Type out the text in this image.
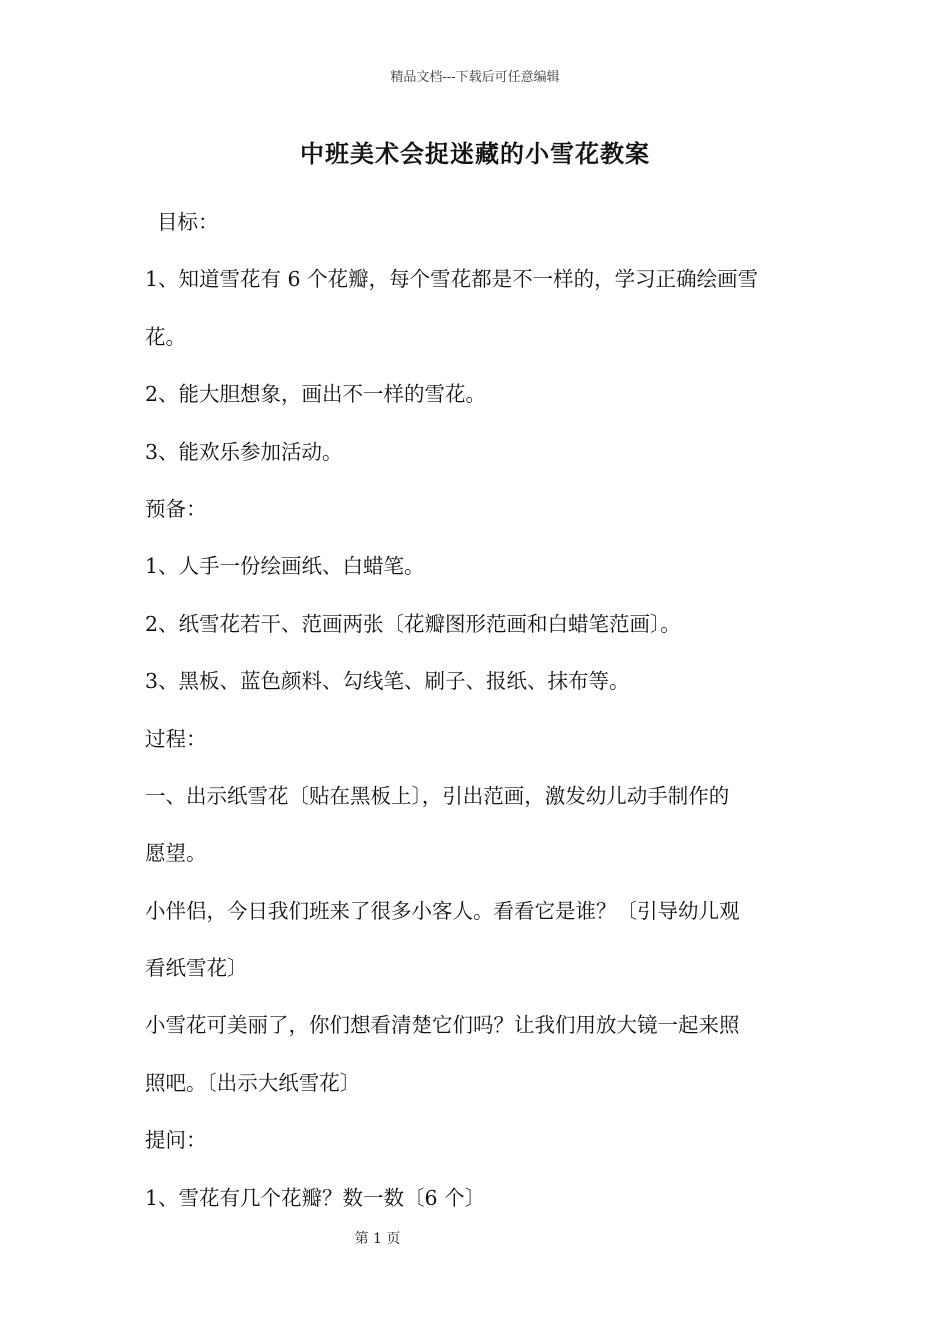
精品文档---下载后可任意编辑

中班美术会捉迷藏的小雪花教案

目标：

1、知道雪花有 6 个花瓣，每个雪花都是不一样的，学习正确绘画雪

花。

2、能大胆想象，画出不一样的雪花。

3、能欢乐参加活动。

预备：

1、人手一份绘画纸、白蜡笔。

2、纸雪花若干、范画两张〔花瓣图形范画和白蜡笔范画〕。

3、黑板、蓝色颜料、勾线笔、刷子、报纸、抹布等。

过程：

一、出示纸雪花〔贴在黑板上〕，引出范画，激发幼儿动手制作的

愿望。

小伴侣，今日我们班来了很多小客人。看看它是谁？〔引导幼儿观

看纸雪花〕

小雪花可美丽了，你们想看清楚它们吗？让我们用放大镜一起来照

照吧。〔出示大纸雪花〕

提问：

1、雪花有几个花瓣？数一数〔6 个〕

第 1 页
